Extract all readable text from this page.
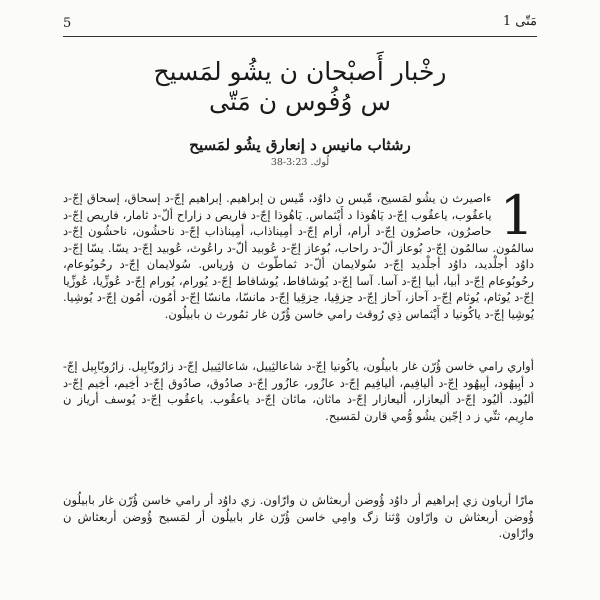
5	مَتّى 1
رخْبار أَصبْحان ن يشُو لمَسيح
س وُفُوس ن مَتّى
رشثاب مانيس د إنعارق يشُو لمَسيح
لُوك. 3:23-38
1
ءاصيرث ن يشُو لمَسيح، مِّيس ن داوُد، مِّيس ن إبراهيم. إبراهيم إجّ-د إسحاق، إسحاق إجّ-د ياعقُوب، ياعقُوب إجّ-د يَاهُوذا د أَيْثماس. يَاهُوذا إجّ-د فاريص د زاراح ألّ-د ثامار، فاريص إجّ-د حاصرُون، حاصرُون إجّ-د أرام، أرام إجّ-د أمِيناذاب، أمِيناذاب إجّ-د ناحشُون، ناحشُون إجّ-د سالمُون. سالمُون إجّ-د بُوعاز ألّ-د راحاب، بُوعاز إجّ-د عُوبيد ألّ-د راعُوث، عُوبيد إجّ-د يسّا. يسّا إجّ-د داوُد أجلْديد، داوُد أجلْديد إجّ-د سُولايمان ألّ-د ثماطّوث ن ؤرياس. سُولايمان إجّ-د رحُوبُوعام، رحُوبُوعام إجّ-د أبيا، أبيا إجّ-د آسا. آسا إجّ-د يُوشافاط، يُوشافاط إجّ-د يُورام، يُورام إجّ-د عُوزِّيا، عُوزِّيا إجّ-د يُوثام، يُوثام إجّ-د آحاز، آحاز إجّ-د حِزقِيا، حِزقِيا إجّ-د مانسّا، مانسّا إجّ-د أمُون، أمُون إجّ-د يُوشِيا. يُوشِيا إجّ-د ياكُونيا د أَيْثماس ذِي رُوقث رامي خاسن ؤُرّن غار ثمُورث ن بابيلُون.
أواري رامي خاسن ؤُرّن غار بابيلُون، ياكُونيا إجّ-د شاعالثِييل، شاعالثِييل إجّ-د زارُوبّابِيل. زارُوبّابِيل إجّ-د أبِيهُود، أبِيهُود إجّ-د أليافِيم، أليافِيم إجّ-د عازُور، عازُور إجّ-د صادُوق، صادُوق إجّ-د أخِيم، أخِيم إجّ-د أليُود. أليُود إجّ-د أليعازار، أليعازار إجّ-د ماثان، ماثان إجّ-د ياعقُوب. ياعقُوب إجّ-د يُوسف أرياز ن مارِيم، ثنِّي ز د إجّين يشُو وُّمي قارن لمَسيح.
مارّا أرياون زي إبراهيم أر داوُد ؤُوضن أربعثاش ن وارّاون. زي داوُد أر رامي خاسن ؤُرّن غار بابيلُون ؤُوضن أربعثاش ن وارّاون وْثنا زگ وامِي خاسن ؤُرّن غار بابيلُون أر لمَسيح ؤُوضن أربعثاش ن وارّاون.
